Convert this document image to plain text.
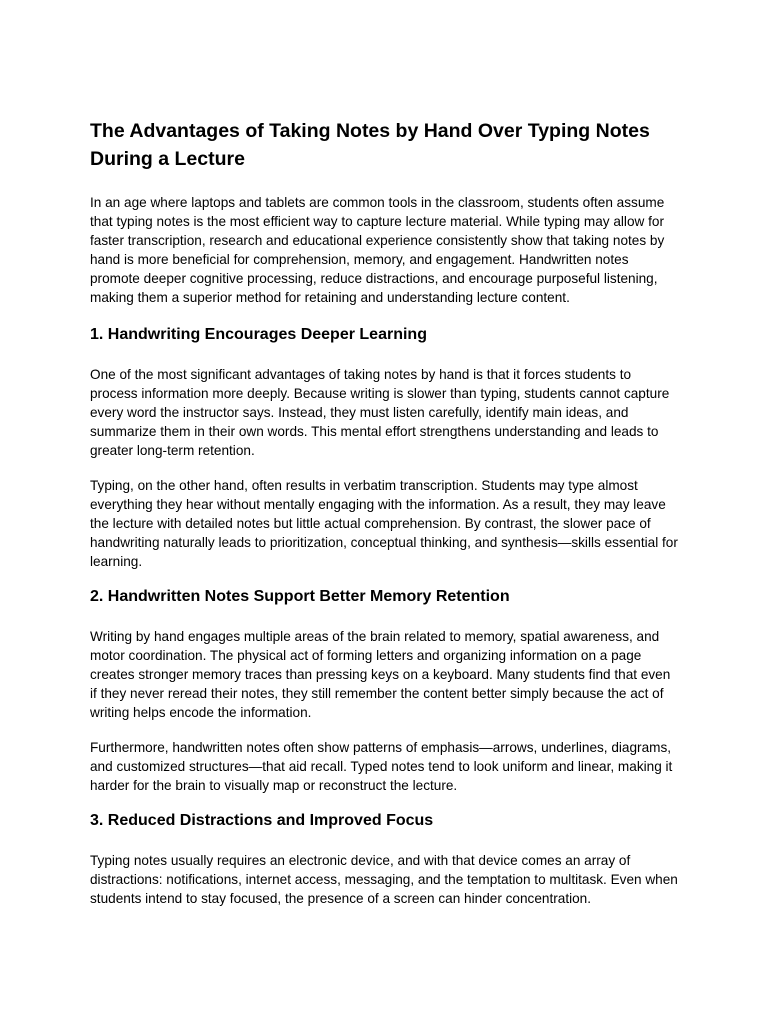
The Advantages of Taking Notes by Hand Over Typing Notes During a Lecture

In an age where laptops and tablets are common tools in the classroom, students often assume that typing notes is the most efficient way to capture lecture material. While typing may allow for faster transcription, research and educational experience consistently show that taking notes by hand is more beneficial for comprehension, memory, and engagement. Handwritten notes promote deeper cognitive processing, reduce distractions, and encourage purposeful listening, making them a superior method for retaining and understanding lecture content.

1. Handwriting Encourages Deeper Learning

One of the most significant advantages of taking notes by hand is that it forces students to process information more deeply. Because writing is slower than typing, students cannot capture every word the instructor says. Instead, they must listen carefully, identify main ideas, and summarize them in their own words. This mental effort strengthens understanding and leads to greater long-term retention.

Typing, on the other hand, often results in verbatim transcription. Students may type almost everything they hear without mentally engaging with the information. As a result, they may leave the lecture with detailed notes but little actual comprehension. By contrast, the slower pace of handwriting naturally leads to prioritization, conceptual thinking, and synthesis—skills essential for learning.

2. Handwritten Notes Support Better Memory Retention

Writing by hand engages multiple areas of the brain related to memory, spatial awareness, and motor coordination. The physical act of forming letters and organizing information on a page creates stronger memory traces than pressing keys on a keyboard. Many students find that even if they never reread their notes, they still remember the content better simply because the act of writing helps encode the information.

Furthermore, handwritten notes often show patterns of emphasis—arrows, underlines, diagrams, and customized structures—that aid recall. Typed notes tend to look uniform and linear, making it harder for the brain to visually map or reconstruct the lecture.

3. Reduced Distractions and Improved Focus

Typing notes usually requires an electronic device, and with that device comes an array of distractions: notifications, internet access, messaging, and the temptation to multitask. Even when students intend to stay focused, the presence of a screen can hinder concentration.
